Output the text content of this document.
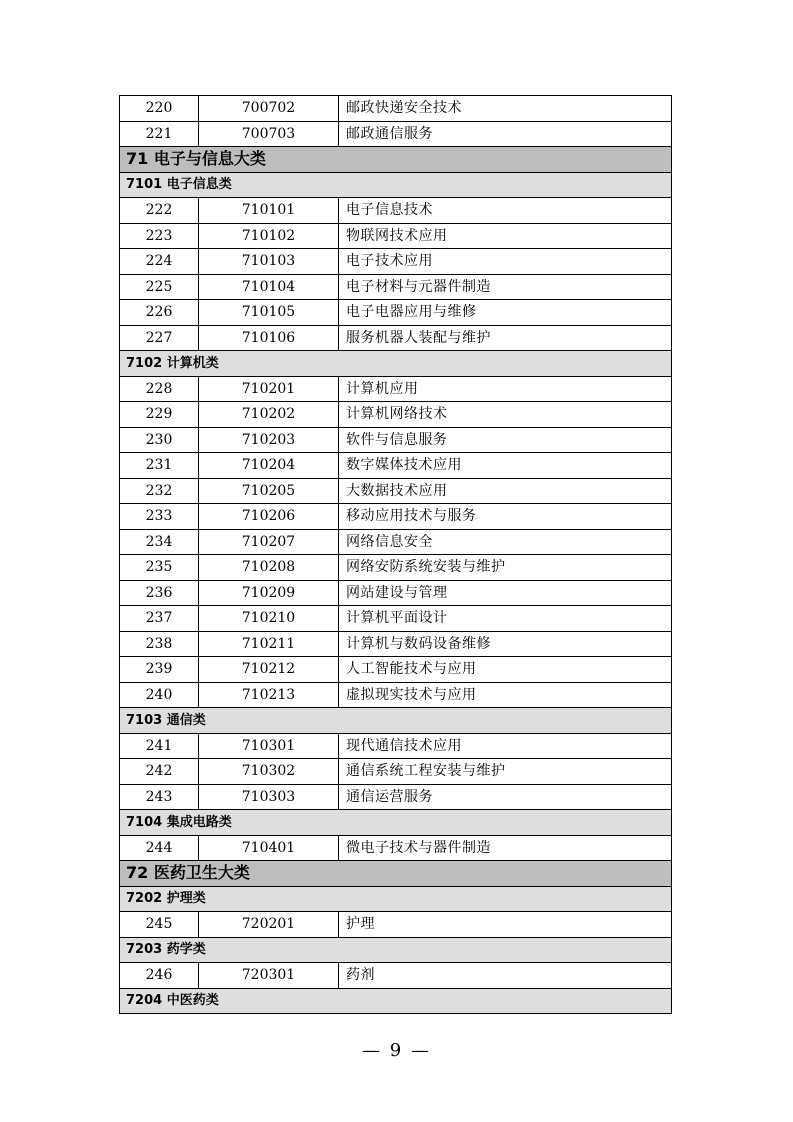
220	700702	邮政快递安全技术
221	700703	邮政通信服务
71 电子与信息大类		
7101 电子信息类		
222	710101	电子信息技术
223	710102	物联网技术应用
224	710103	电子技术应用
225	710104	电子材料与元器件制造
226	710105	电子电器应用与维修
227	710106	服务机器人装配与维护
7102 计算机类		
228	710201	计算机应用
229	710202	计算机网络技术
230	710203	软件与信息服务
231	710204	数字媒体技术应用
232	710205	大数据技术应用
233	710206	移动应用技术与服务
234	710207	网络信息安全
235	710208	网络安防系统安装与维护
236	710209	网站建设与管理
237	710210	计算机平面设计
238	710211	计算机与数码设备维修
239	710212	人工智能技术与应用
240	710213	虚拟现实技术与应用
7103 通信类		
241	710301	现代通信技术应用
242	710302	通信系统工程安装与维护
243	710303	通信运营服务
7104 集成电路类		
244	710401	微电子技术与器件制造
72 医药卫生大类		
7202 护理类		
245	720201	护理
7203 药学类		
246	720301	药剂
7204 中医药类		
— 9 —
